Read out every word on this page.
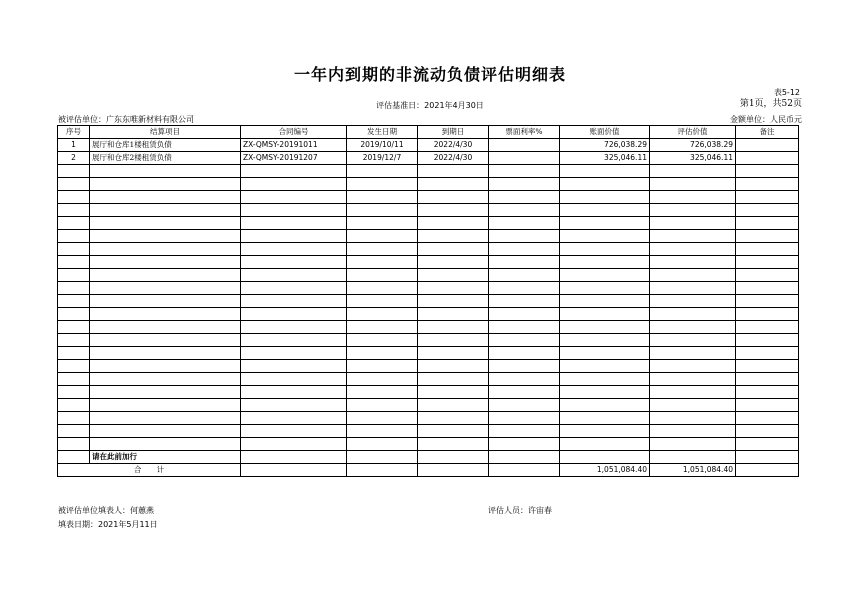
一年内到期的非流动负债评估明细表
表5-12
第1页，共52页
评估基准日：2021年4月30日
被评估单位：广东东唯新材料有限公司	金额单位：人民币元
序号	结算项目	合同编号	发生日期	到期日	票面利率%	账面价值	评估价值	备注
1	展厅和仓库1楼租赁负债	ZX-QMSY-20191011	2019/10/11	2022/4/30		726,038.29	726,038.29	
2	展厅和仓库2楼租赁负债	ZX-QMSY-20191207	2019/12/7	2022/4/30		325,046.11	325,046.11	

	请在此前加行							
合　　计						1,051,084.40	1,051,084.40	
被评估单位填表人：何蕙燕	评估人员：许宙春
填表日期：2021年5月11日
